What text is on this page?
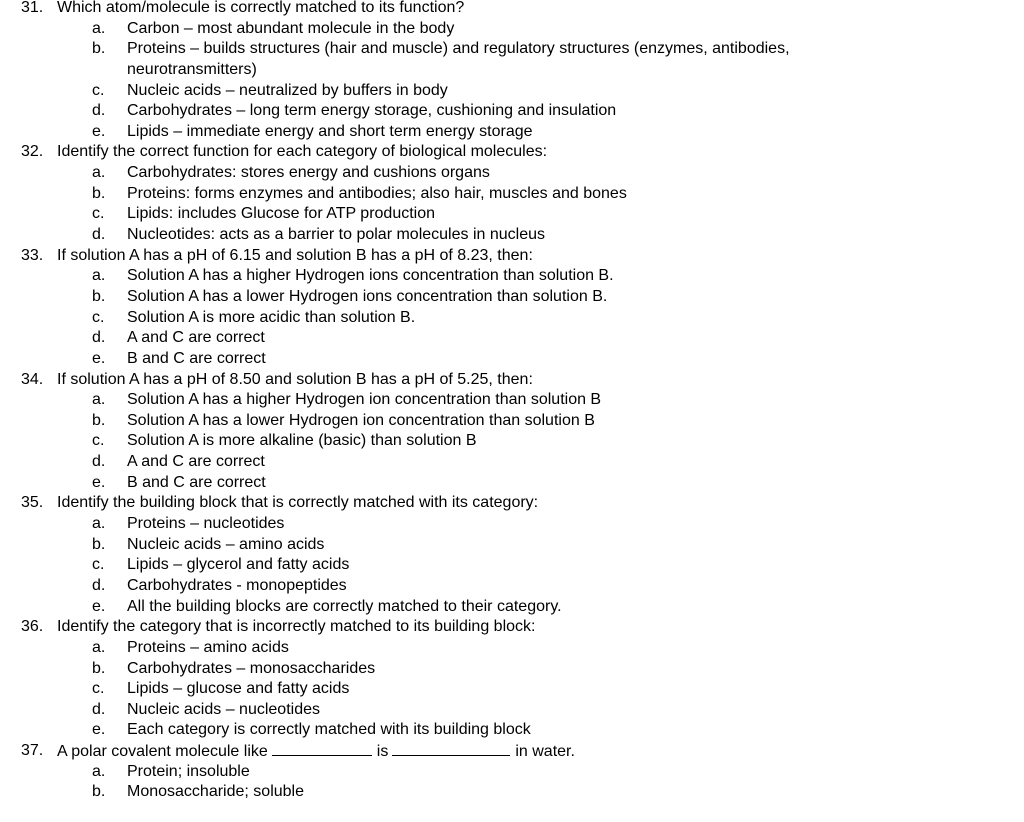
31. Which atom/molecule is correctly matched to its function?
a. Carbon – most abundant molecule in the body
b. Proteins – builds structures (hair and muscle) and regulatory structures (enzymes, antibodies,
neurotransmitters)
c. Nucleic acids – neutralized by buffers in body
d. Carbohydrates – long term energy storage, cushioning and insulation
e. Lipids – immediate energy and short term energy storage
32. Identify the correct function for each category of biological molecules:
a. Carbohydrates: stores energy and cushions organs
b. Proteins: forms enzymes and antibodies; also hair, muscles and bones
c. Lipids: includes Glucose for ATP production
d. Nucleotides: acts as a barrier to polar molecules in nucleus
33. If solution A has a pH of 6.15 and solution B has a pH of 8.23, then:
a. Solution A has a higher Hydrogen ions concentration than solution B.
b. Solution A has a lower Hydrogen ions concentration than solution B.
c. Solution A is more acidic than solution B.
d. A and C are correct
e. B and C are correct
34. If solution A has a pH of 8.50 and solution B has a pH of 5.25, then:
a. Solution A has a higher Hydrogen ion concentration than solution B
b. Solution A has a lower Hydrogen ion concentration than solution B
c. Solution A is more alkaline (basic) than solution B
d. A and C are correct
e. B and C are correct
35. Identify the building block that is correctly matched with its category:
a. Proteins – nucleotides
b. Nucleic acids – amino acids
c. Lipids – glycerol and fatty acids
d. Carbohydrates - monopeptides
e. All the building blocks are correctly matched to their category.
36. Identify the category that is incorrectly matched to its building block:
a. Proteins – amino acids
b. Carbohydrates – monosaccharides
c. Lipids – glucose and fatty acids
d. Nucleic acids – nucleotides
e. Each category is correctly matched with its building block
37. A polar covalent molecule like	is	in water.
a. Protein; insoluble
b. Monosaccharide; soluble
